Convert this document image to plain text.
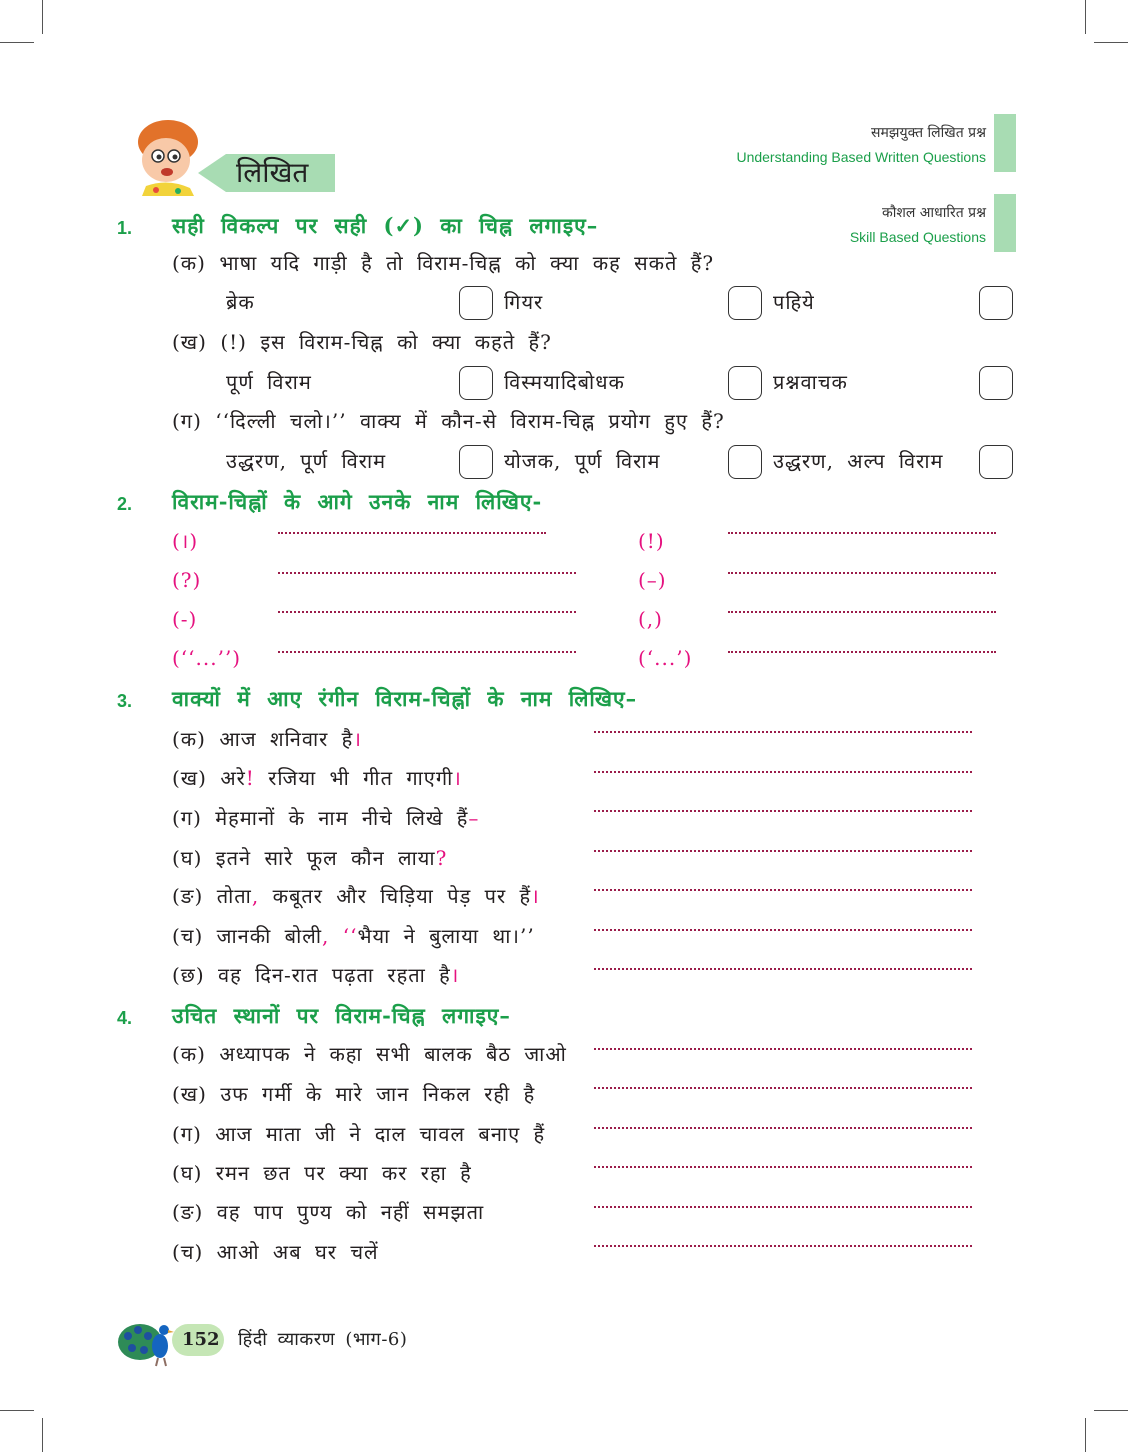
लिखित
समझयुक्त लिखित प्रश्न
Understanding Based Written Questions
कौशल आधारित प्रश्न
Skill Based Questions
1. सही विकल्प पर सही (✓) का चिह्न लगाइए–
(क) भाषा यदि गाड़ी है तो विराम-चिह्न को क्या कह सकते हैं?
ब्रेक	गियर	पहिये
(ख) (!) इस विराम-चिह्न को क्या कहते हैं?
पूर्ण विराम	विस्मयादिबोधक	प्रश्नवाचक
(ग) ‘‘दिल्ली चलो।’’ वाक्य में कौन-से विराम-चिह्न प्रयोग हुए हैं?
उद्धरण, पूर्ण विराम	योजक, पूर्ण विराम	उद्धरण, अल्प विराम
2. विराम-चिह्नों के आगे उनके नाम लिखिए-
(।)	(!)
(?)	(–)
(-)	(,)
(‘‘...’’)	(‘...’)
3. वाक्यों में आए रंगीन विराम-चिह्नों के नाम लिखिए–
(क) आज शनिवार है।
(ख) अरे! रजिया भी गीत गाएगी।
(ग) मेहमानों के नाम नीचे लिखे हैं–
(घ) इतने सारे फूल कौन लाया?
(ङ) तोता, कबूतर और चिड़िया पेड़ पर हैं।
(च) जानकी बोली, ‘‘भैया ने बुलाया था।’’
(छ) वह दिन-रात पढ़ता रहता है।
4. उचित स्थानों पर विराम-चिह्न लगाइए–
(क) अध्यापक ने कहा सभी बालक बैठ जाओ
(ख) उफ गर्मी के मारे जान निकल रही है
(ग) आज माता जी ने दाल चावल बनाए हैं
(घ) रमन छत पर क्या कर रहा है
(ङ) वह पाप पुण्य को नहीं समझता
(च) आओ अब घर चलें
152 हिंदी व्याकरण (भाग-6)
